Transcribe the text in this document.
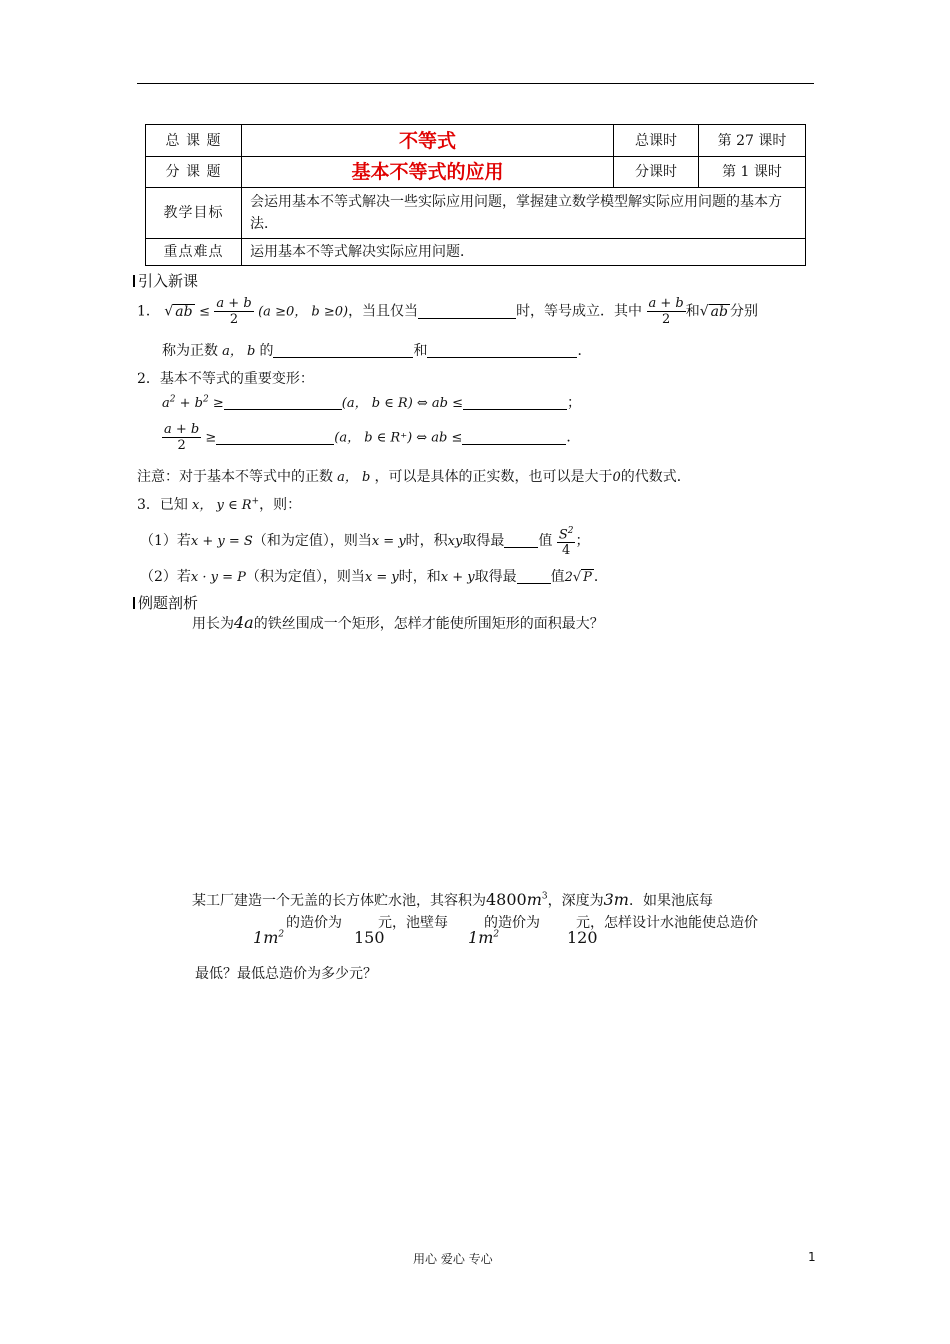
总 课 题	不等式	总课时	第 27 课时
分 课 题	基本不等式的应用	分课时	第 1 课时
教学目标	会运用基本不等式解决一些实际应用问题，掌握建立数学模型解实际应用问题的基本方法．		
重点难点	运用基本不等式解决实际应用问题．		
引入新课
1． √ ab ≤ $\frac{a + b}{2} (a \ge 0$， b ≥0)，当且仅当	时，等号成立．其中 $\frac{a + b}{2}$ 和√ ab 分别
称为正数 a， b 的	和	．
2．基本不等式的重要变形：
$a^2 + b^2$ ≥	(a， b ∈ R) ⇔ ab ≤	；
$\frac{a + b}{2}$ ≥	(a， b ∈ R⁺) ⇔ ab ≤	．
注意：对于基本不等式中的正数 a， b ，可以是具体的正实数，也可以是大于0的代数式．
3．已知 x， y ∈ R+，则：
（1）若x + y = S（和为定值），则当x = y时，积xy取得最 值 $\frac{S^2}{4}$ ；
（2）若x · y = P（积为定值），则当x = y时，和x + y取得最 值2√ P ．
例题剖析
用长为4a的铁丝围成一个矩形，怎样才能使所围矩形的面积最大？
某工厂建造一个无盖的长方体贮水池，其容积为$4800m^3$，深度为3m．如果池底每
的造价为	元，池壁每	的造价为	元，怎样设计水池能使总造价
$1m^2$	150	$1m^2$	120
最低？最低总造价为多少元？
用心 爱心 专心	1
